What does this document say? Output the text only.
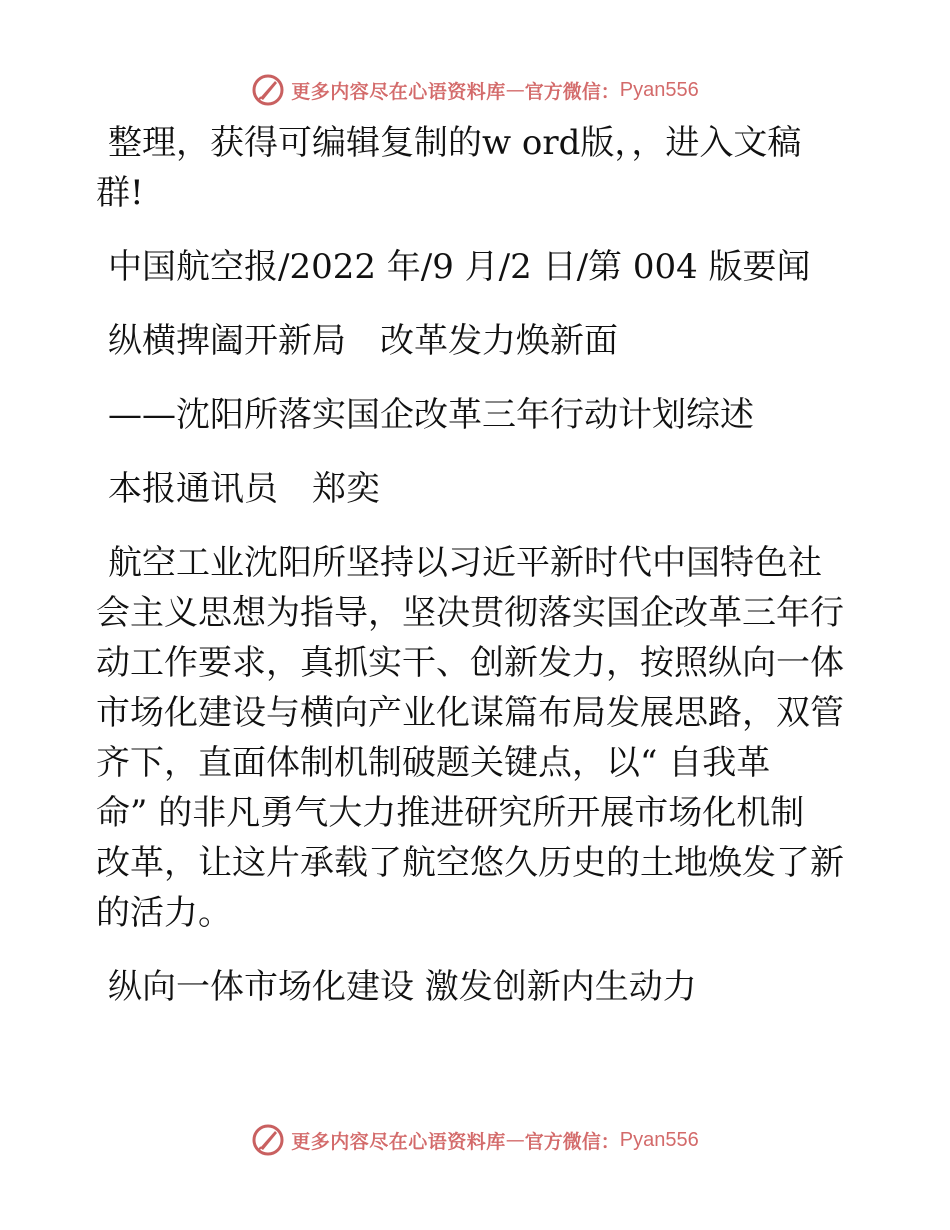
更多内容尽在心语资料库 — 官方微信： Pyan556

整理，获得可编辑复制的w ord版，，进入文稿

群!

中国航空报/2022 年/9 月/2 日/第 004 版要闻

纵横捭阖开新局　改革发力焕新面

——沈阳所落实国企改革三年行动计划综述

本报通讯员　郑奕

航空工业沈阳所坚持以习近平新时代中国特色社

会主义思想为指导，坚决贯彻落实国企改革三年行

动工作要求，真抓实干、创新发力，按照纵向一体

市场化建设与横向产业化谋篇布局发展思路，双管

齐下，直面体制机制破题关键点，以“ 自我革

命” 的非凡勇气大力推进研究所开展市场化机制

改革，让这片承载了航空悠久历史的土地焕发了新

的活力。

纵向一体市场化建设 激发创新内生动力

更多内容尽在心语资料库 — 官方微信： Pyan556
